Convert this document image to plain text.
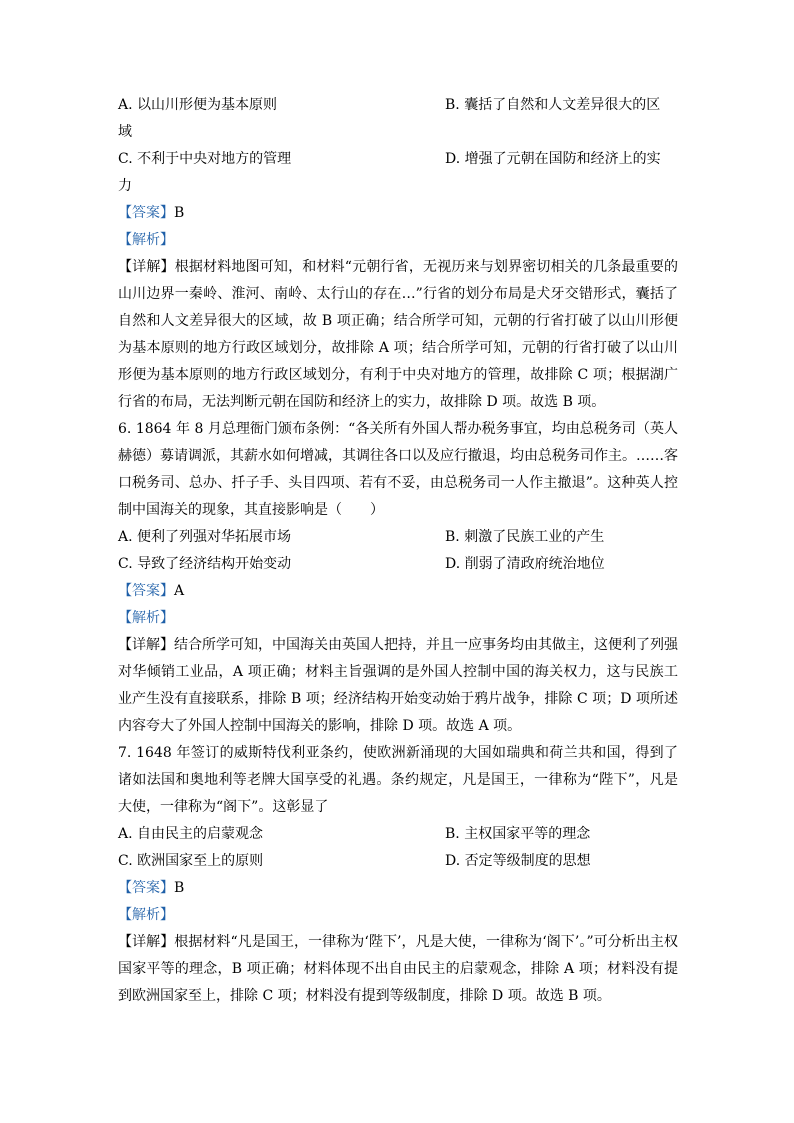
A. 以山川形便为基本原则	B. 囊括了自然和人文差异很大的区
域
C. 不利于中央对地方的管理	D. 增强了元朝在国防和经济上的实
力
【答案】B
【解析】
【详解】根据材料地图可知，和材料“元朝行省，无视历来与划界密切相关的几条最重要的山川边界一秦岭、淮河、南岭、太行山的存在…”行省的划分布局是犬牙交错形式，囊括了自然和人文差异很大的区域，故 B 项正确；结合所学可知，元朝的行省打破了以山川形便为基本原则的地方行政区域划分，故排除 A 项；结合所学可知，元朝的行省打破了以山川形便为基本原则的地方行政区域划分，有利于中央对地方的管理，故排除 C 项；根据湖广行省的布局，无法判断元朝在国防和经济上的实力，故排除 D 项。故选 B 项。
6. 1864 年 8 月总理衙门颁布条例：“各关所有外国人帮办税务事宜，均由总税务司（英人赫德）募请调派，其薪水如何增减，其调往各口以及应行撤退，均由总税务司作主。……客口税务司、总办、扦子手、头目四项、若有不妥，由总税务司一人作主撤退”。这种英人控制中国海关的现象，其直接影响是（　　）
A. 便利了列强对华拓展市场	B. 刺激了民族工业的产生
C. 导致了经济结构开始变动	D. 削弱了清政府统治地位
【答案】A
【解析】
【详解】结合所学可知，中国海关由英国人把持，并且一应事务均由其做主，这便利了列强对华倾销工业品，A 项正确；材料主旨强调的是外国人控制中国的海关权力，这与民族工业产生没有直接联系，排除 B 项；经济结构开始变动始于鸦片战争，排除 C 项；D 项所述内容夸大了外国人控制中国海关的影响，排除 D 项。故选 A 项。
7. 1648 年签订的威斯特伐利亚条约，使欧洲新涌现的大国如瑞典和荷兰共和国，得到了诸如法国和奥地利等老牌大国享受的礼遇。条约规定，凡是国王，一律称为“陛下”，凡是大使，一律称为“阁下”。这彰显了
A. 自由民主的启蒙观念	B. 主权国家平等的理念
C. 欧洲国家至上的原则	D. 否定等级制度的思想
【答案】B
【解析】
【详解】根据材料“凡是国王，一律称为‘陛下’，凡是大使，一律称为‘阁下’。”可分析出主权国家平等的理念，B 项正确；材料体现不出自由民主的启蒙观念，排除 A 项；材料没有提到欧洲国家至上，排除 C 项；材料没有提到等级制度，排除 D 项。故选 B 项。
